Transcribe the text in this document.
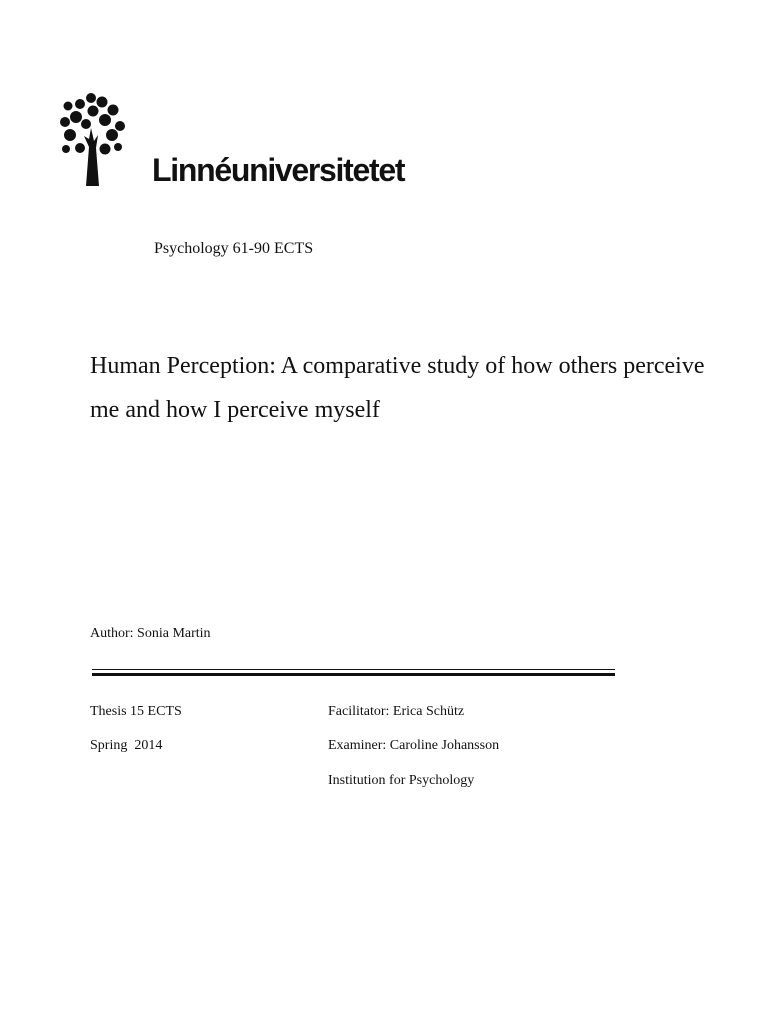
Linnéuniversitetet
Psychology 61-90 ECTS
Human Perception: A comparative study of how others perceive me and how I perceive myself
Author: Sonia Martin
Thesis 15 ECTS
Spring  2014
Facilitator: Erica Schütz
Examiner: Caroline Johansson
Institution for Psychology
